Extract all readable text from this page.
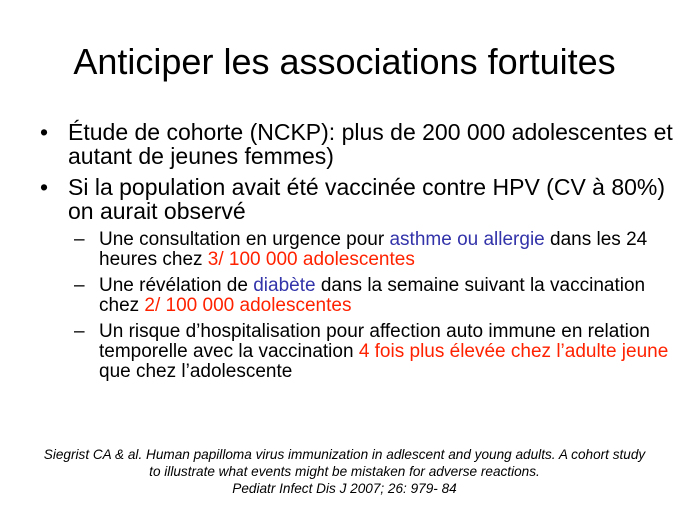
Anticiper les associations fortuites
• Étude de cohorte (NCKP): plus de 200 000 adolescentes et autant de jeunes femmes)
• Si la population avait été vaccinée contre HPV (CV à 80%) on aurait observé
– Une consultation en urgence pour asthme ou allergie dans les 24 heures chez 3/ 100 000 adolescentes
– Une révélation de diabète dans la semaine suivant la vaccination chez 2/ 100 000 adolescentes
– Un risque d’hospitalisation pour affection auto immune en relation temporelle avec la vaccination 4 fois plus élevée chez l’adulte jeune que chez l’adolescente
Siegrist CA & al. Human papilloma virus immunization in adlescent and young adults. A cohort study
to illustrate what events might be mistaken for adverse reactions.
Pediatr Infect Dis J 2007; 26: 979- 84
